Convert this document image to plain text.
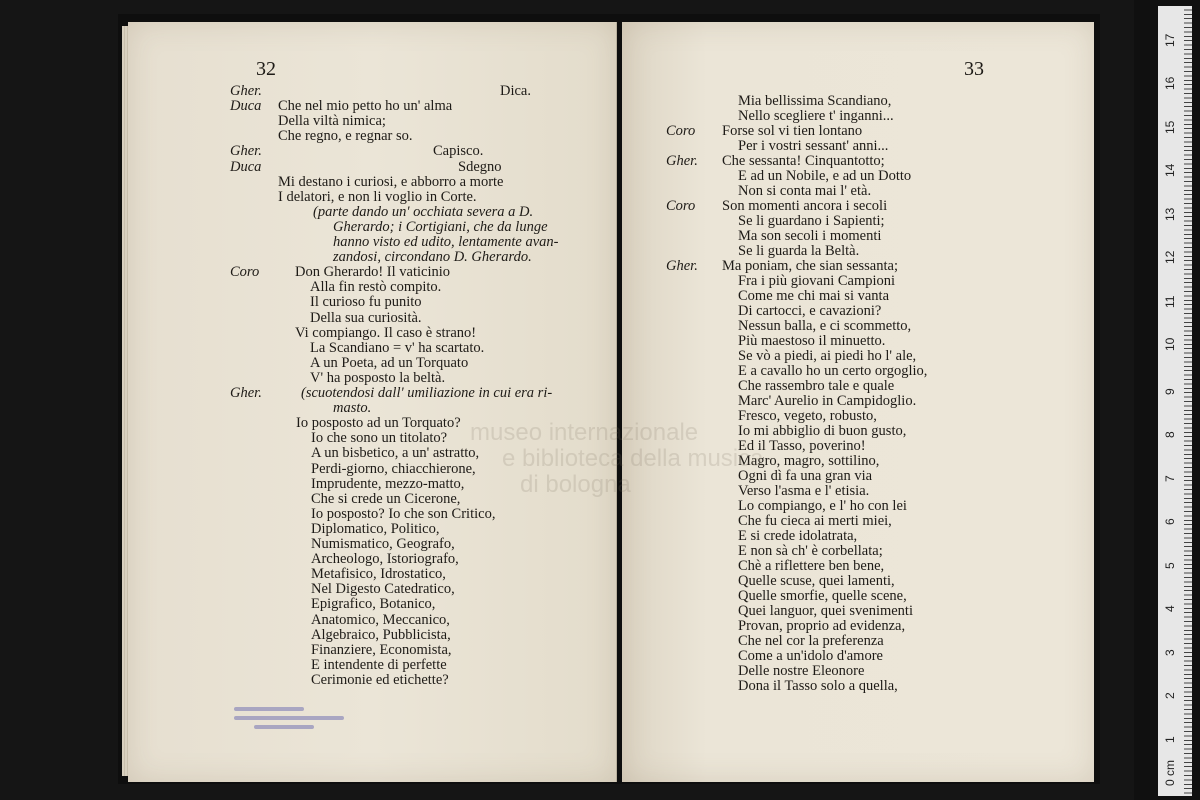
32
Gher.	Dica.
Duca Che nel mio petto ho un' alma
Della viltà nimica;
Che regno, e regnar so.
Gher.	Capisco.
Duca	Sdegno
Mi destano i curiosi, e abborro a morte
I delatori, e non li voglio in Corte.
(parte dando un' occhiata severa a D.
Gherardo; i Cortigiani, che da lunge
hanno visto ed udito, lentamente avan-
zandosi, circondano D. Gherardo.
Coro Don Gherardo! Il vaticinio
Alla fin restò compito.
Il curioso fu punito
Della sua curiosità.
Vi compiango. Il caso è strano!
La Scandiano = v' ha scartato.
A un Poeta, ad un Torquato
V' ha posposto la beltà.
Gher.	(scuotendosi dall' umiliazione in cui era ri-
masto.
Io posposto ad un Torquato?
Io che sono un titolato?
A un bisbetico, a un' astratto,
Perdi-giorno, chiacchierone,
Imprudente, mezzo-matto,
Che si crede un Cicerone,
Io posposto? Io che son Critico,
Diplomatico, Politico,
Numismatico, Geografo,
Archeologo, Istoriografo,
Metafisico, Idrostatico,
Nel Digesto Catedratico,
Epigrafico, Botanico,
Anatomico, Meccanico,
Algebraico, Pubblicista,
Finanziere, Economista,
E intendente di perfette
Cerimonie ed etichette?
33
Mia bellissima Scandiano,
Nello scegliere t' inganni...
Coro Forse sol vi tien lontano
Per i vostri sessant' anni...
Gher. Che sessanta! Cinquantotto;
E ad un Nobile, e ad un Dotto
Non si conta mai l' età.
Coro Son momenti ancora i secoli
Se li guardano i Sapienti;
Ma son secoli i momenti
Se li guarda la Beltà.
Gher. Ma poniam, che sian sessanta;
Fra i più giovani Campioni
Come me chi mai si vanta
Di cartocci, e cavazioni?
Nessun balla, e ci scommetto,
Più maestoso il minuetto.
Se vò a piedi, ai piedi ho l' ale,
E a cavallo ho un certo orgoglio,
Che rassembro tale e quale
Marc' Aurelio in Campidoglio.
Fresco, vegeto, robusto,
Io mi abbiglio di buon gusto,
Ed il Tasso, poverino!
Magro, magro, sottilino,
Ogni dì fa una gran via
Verso l'asma e l' etisia.
Lo compiango, e l' ho con lei
Che fu cieca ai merti miei,
E si crede idolatrata,
E non sà ch' è corbellata;
Chè a riflettere ben bene,
Quelle scuse, quei lamenti,
Quelle smorfie, quelle scene,
Quei languor, quei svenimenti
Provan, proprio ad evidenza,
Che nel cor la preferenza
Come a un'idolo d'amore
Delle nostre Eleonore
Dona il Tasso solo a quella,
museo internazionale
e biblioteca della musica
di bologna
0 cm
1
2
3
4
5
6
7
8
9
10
11
12
13
14
15
16
17
